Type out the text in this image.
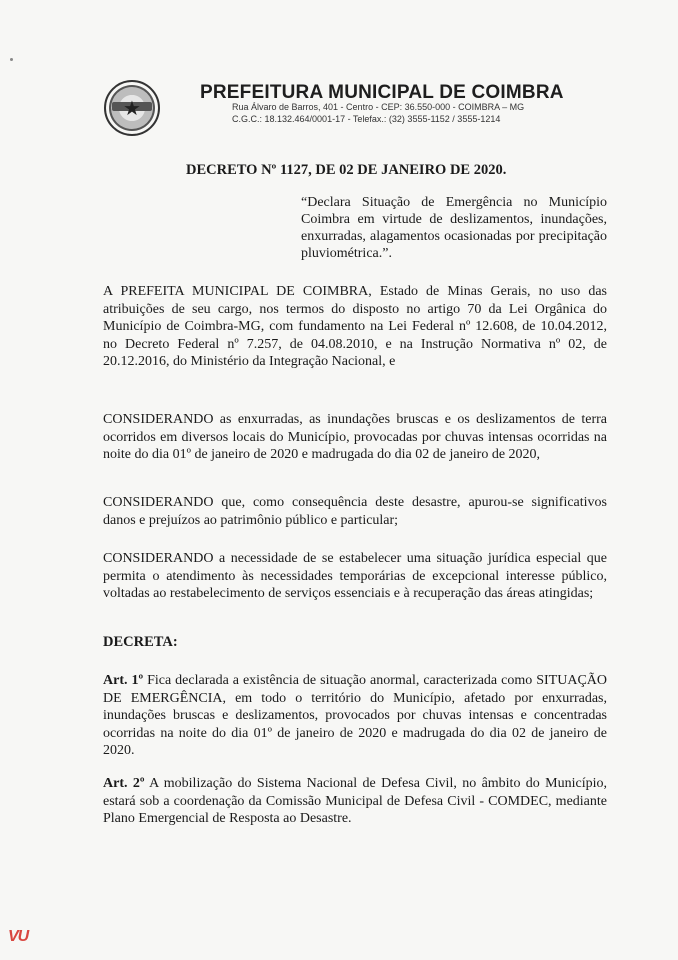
★
PREFEITURA MUNICIPAL DE COIMBRA
Rua Álvaro de Barros, 401 - Centro - CEP: 36.550-000 - COIMBRA – MG
C.G.C.: 18.132.464/0001-17 - Telefax.: (32) 3555-1152 / 3555-1214
DECRETO Nº 1127, DE 02 DE JANEIRO DE 2020.
“Declara Situação de Emergência no Município Coimbra em virtude de deslizamentos, inundações, enxurradas, alagamentos ocasionadas por precipitação pluviométrica.”.
A PREFEITA MUNICIPAL DE COIMBRA, Estado de Minas Gerais, no uso das atribuições de seu cargo, nos termos do disposto no artigo 70 da Lei Orgânica do Município de Coimbra-MG, com fundamento na Lei Federal nº 12.608, de 10.04.2012, no Decreto Federal nº 7.257, de 04.08.2010, e na Instrução Normativa nº 02, de 20.12.2016, do Ministério da Integração Nacional, e
CONSIDERANDO as enxurradas, as inundações bruscas e os deslizamentos de terra ocorridos em diversos locais do Município, provocadas por chuvas intensas ocorridas na noite do dia 01º de janeiro de 2020 e madrugada do dia 02 de janeiro de 2020,
CONSIDERANDO que, como consequência deste desastre, apurou-se significativos danos e prejuízos ao patrimônio público e particular;
CONSIDERANDO a necessidade de se estabelecer uma situação jurídica especial que permita o atendimento às necessidades temporárias de excepcional interesse público, voltadas ao restabelecimento de serviços essenciais e à recuperação das áreas atingidas;
DECRETA:
Art. 1º Fica declarada a existência de situação anormal, caracterizada como SITUAÇÃO DE EMERGÊNCIA, em todo o território do Município, afetado por enxurradas, inundações bruscas e deslizamentos, provocados por chuvas intensas e concentradas ocorridas na noite do dia 01º de janeiro de 2020 e madrugada do dia 02 de janeiro de 2020.
Art. 2º A mobilização do Sistema Nacional de Defesa Civil, no âmbito do Município, estará sob a coordenação da Comissão Municipal de Defesa Civil - COMDEC, mediante Plano Emergencial de Resposta ao Desastre.
VU
